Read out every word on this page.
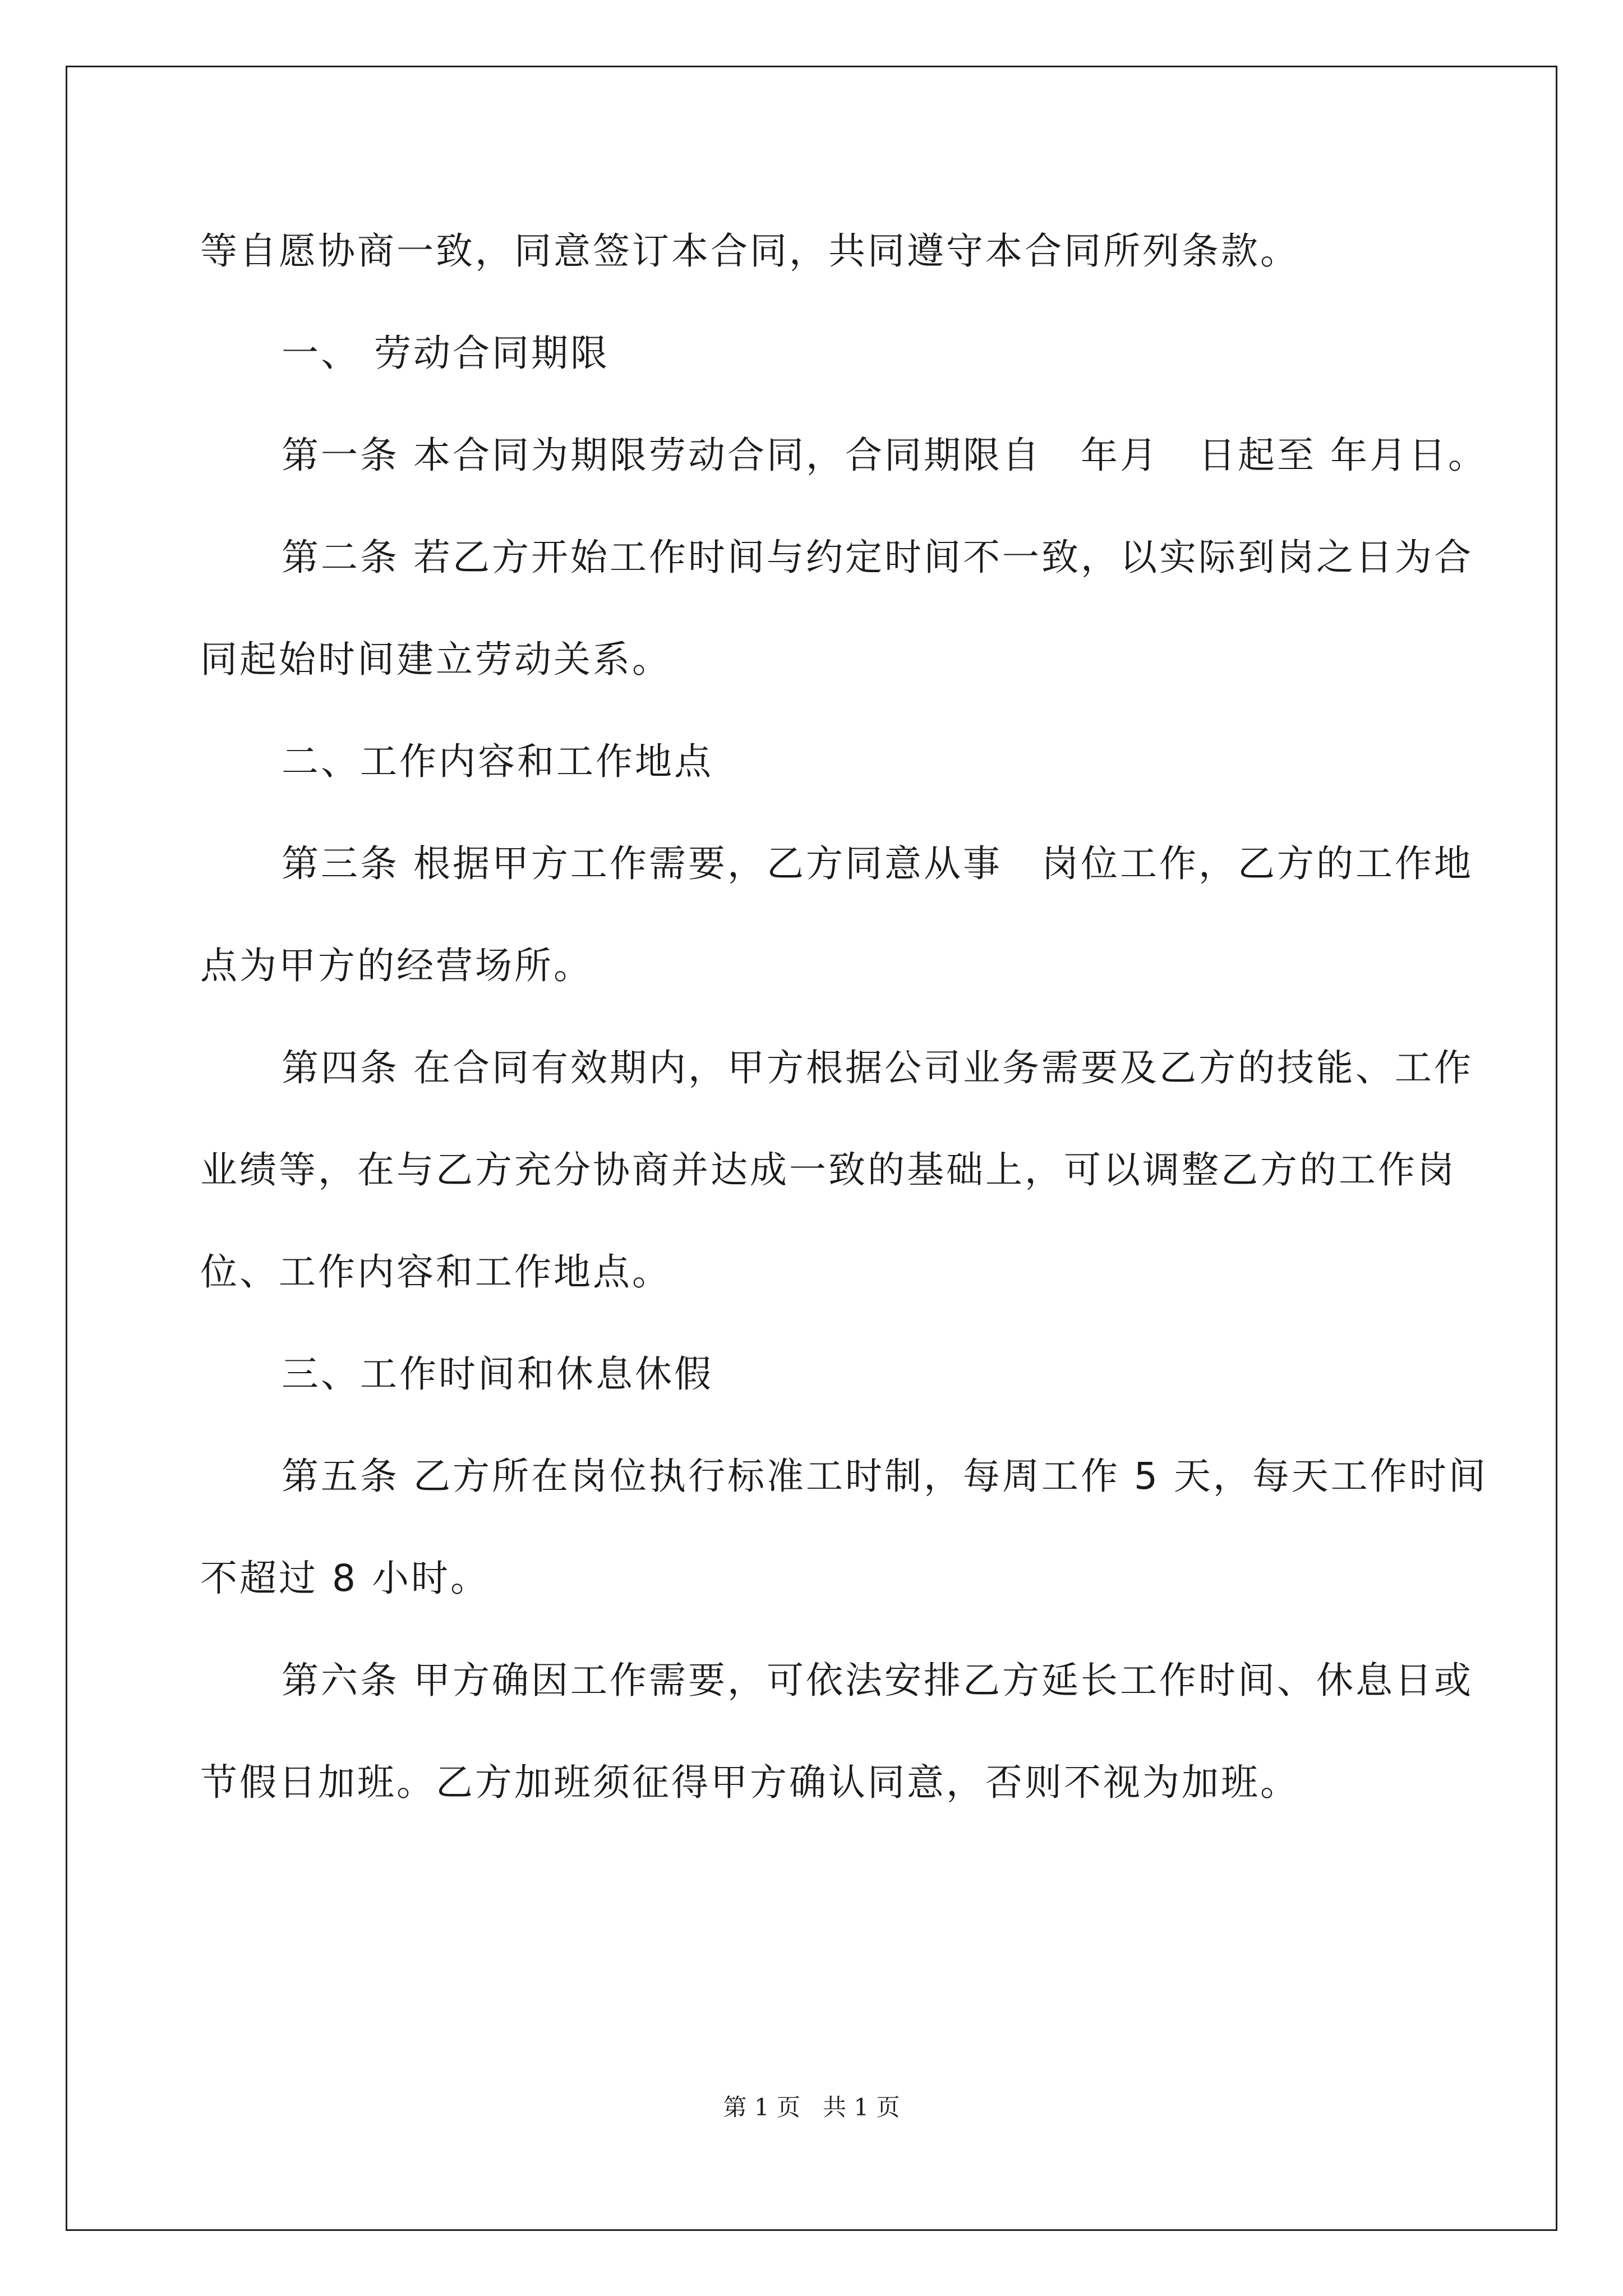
等自愿协商一致，同意签订本合同，共同遵守本合同所列条款。

一、 劳动合同期限

第一条 本合同为期限劳动合同，合同期限自　年月　日起至 年月日。

第二条 若乙方开始工作时间与约定时间不一致，以实际到岗之日为合同起始时间建立劳动关系。

二、工作内容和工作地点

第三条 根据甲方工作需要，乙方同意从事　岗位工作，乙方的工作地点为甲方的经营场所。

第四条 在合同有效期内，甲方根据公司业务需要及乙方的技能、工作业绩等，在与乙方充分协商并达成一致的基础上，可以调整乙方的工作岗位、工作内容和工作地点。

三、工作时间和休息休假

第五条 乙方所在岗位执行标准工时制，每周工作 5 天，每天工作时间不超过 8 小时。

第六条 甲方确因工作需要，可依法安排乙方延长工作时间、休息日或节假日加班。乙方加班须征得甲方确认同意，否则不视为加班。

第 1 页 共 1 页
